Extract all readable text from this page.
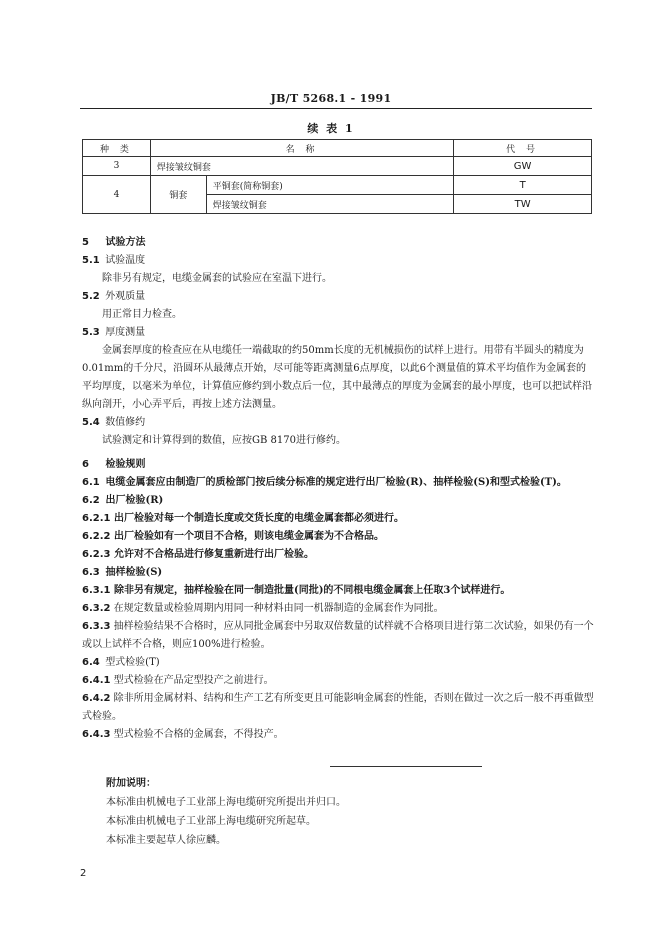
JB/T 5268.1 - 1991
续 表 1
种 类	名 称		代 号
3	焊接皱纹铜套		GW
4	铜套	平铜套(简称铜套)	T
		焊接皱纹铜套	TW

5 试验方法

5.1 试验温度

除非另有规定，电缆金属套的试验应在室温下进行。

5.2 外观质量

用正常目力检查。

5.3 厚度测量

金属套厚度的检查应在从电缆任一端截取的约50mm长度的无机械损伤的试样上进行。用带有半圆头的精度为0.01mm的千分尺，沿圆环从最薄点开始，尽可能等距离测量6点厚度，以此6个测量值的算术平均值作为金属套的平均厚度，以毫米为单位，计算值应修约到小数点后一位，其中最薄点的厚度为金属套的最小厚度，也可以把试样沿纵向剖开，小心弄平后，再按上述方法测量。

5.4 数值修约

试验测定和计算得到的数值，应按GB 8170进行修约。

6 检验规则

6.1 电缆金属套应由制造厂的质检部门按后续分标准的规定进行出厂检验(R)、抽样检验(S)和型式检验(T)。

6.2 出厂检验(R)

6.2.1 出厂检验对每一个制造长度或交货长度的电缆金属套都必须进行。

6.2.2 出厂检验如有一个项目不合格，则该电缆金属套为不合格品。

6.2.3 允许对不合格品进行修复重新进行出厂检验。

6.3 抽样检验(S)

6.3.1 除非另有规定，抽样检验在同一制造批量(同批)的不同根电缆金属套上任取3个试样进行。

6.3.2 在规定数量或检验周期内用同一种材料由同一机器制造的金属套作为同批。

6.3.3 抽样检验结果不合格时，应从同批金属套中另取双倍数量的试样就不合格项目进行第二次试验，如果仍有一个或以上试样不合格，则应100%进行检验。

6.4 型式检验(T)

6.4.1 型式检验在产品定型投产之前进行。

6.4.2 除非所用金属材料、结构和生产工艺有所变更且可能影响金属套的性能，否则在做过一次之后一般不再重做型式检验。

6.4.3 型式检验不合格的金属套，不得投产。

附加说明：

本标准由机械电子工业部上海电缆研究所提出并归口。

本标准由机械电子工业部上海电缆研究所起草。

本标准主要起草人徐应麟。

2
